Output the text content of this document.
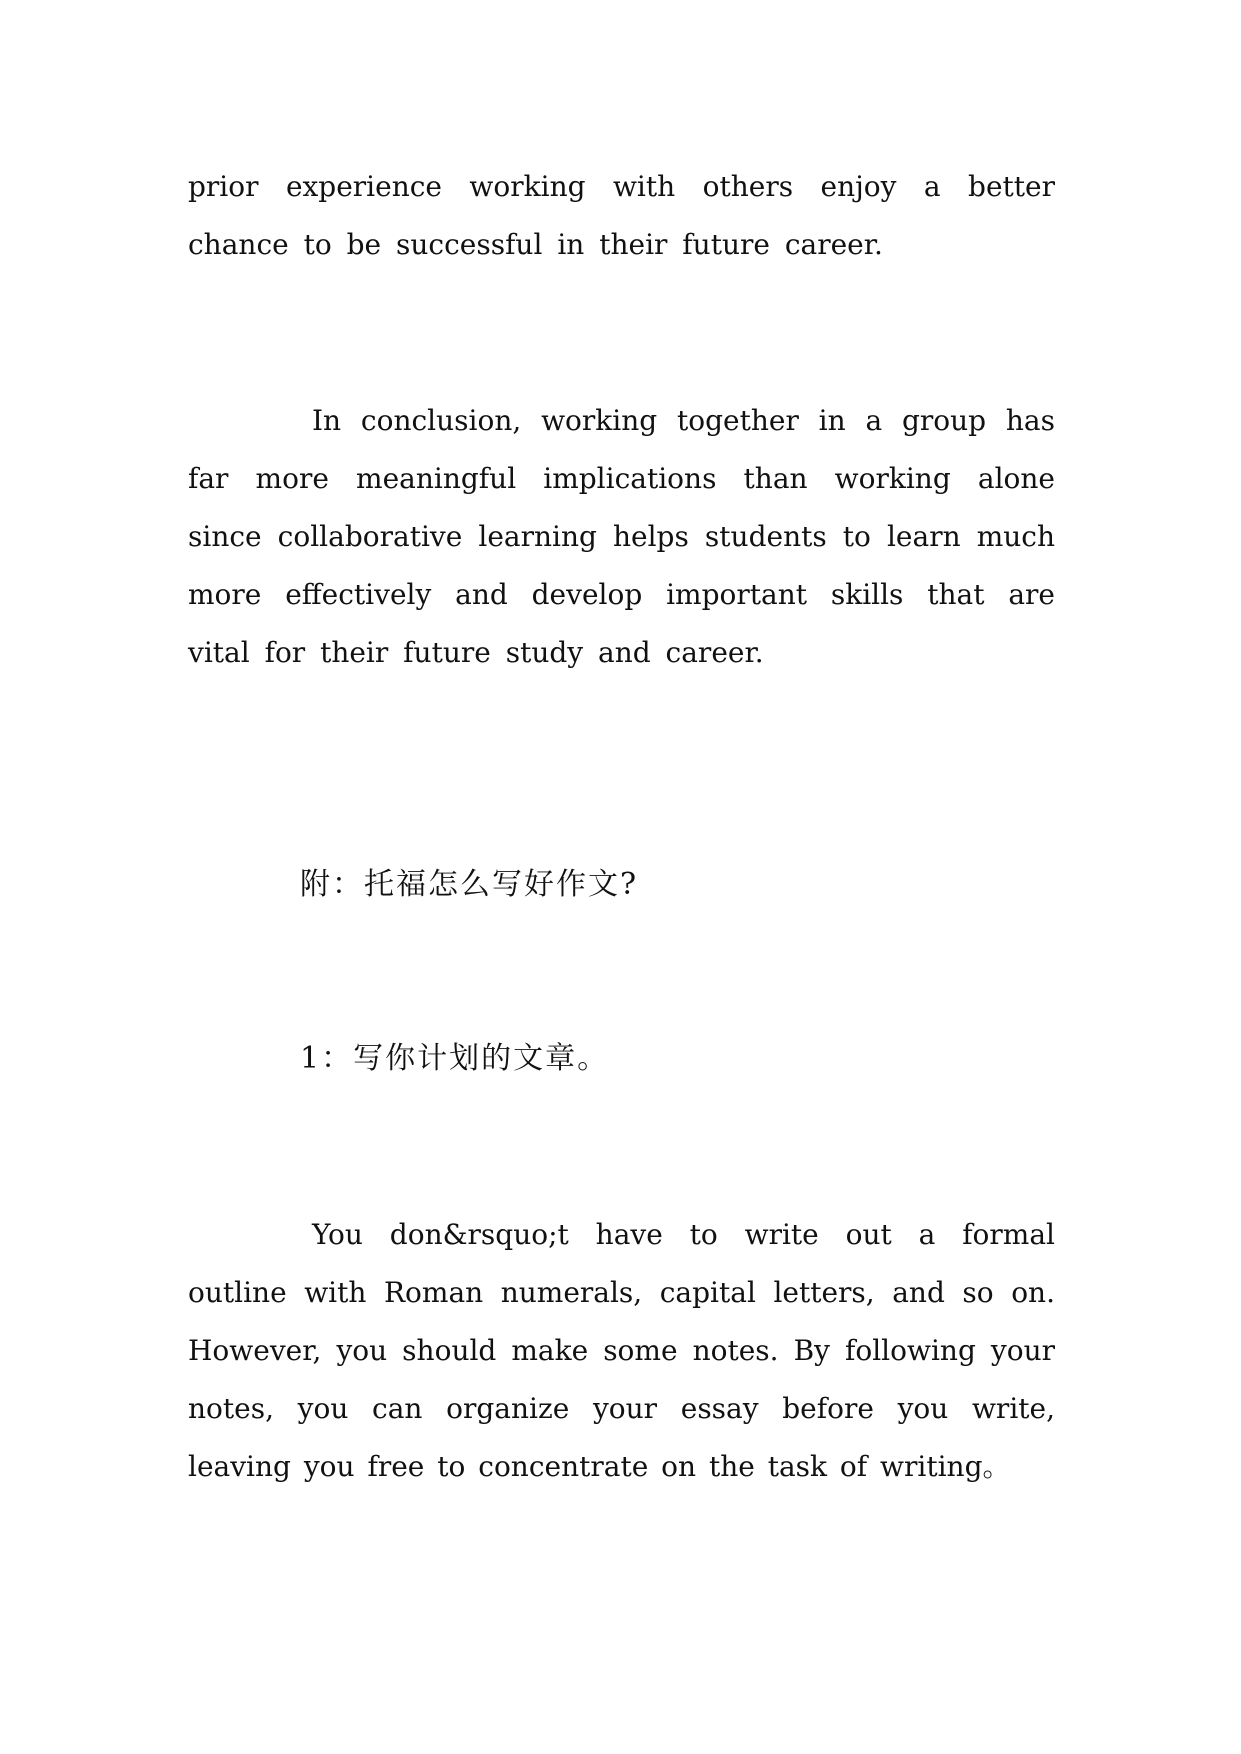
prior experience working with others enjoy a better chance to be successful in their future career.

In conclusion, working together in a group has far more meaningful implications than working alone since collaborative learning helps students to learn much more effectively and develop important skills that are vital for their future study and career.

附：托福怎么写好作文?

1：写你计划的文章。

You don&rsquo;t have to write out a formal outline with Roman numerals, capital letters, and so on. However, you should make some notes. By following your notes, you can organize your essay before you write, leaving you free to concentrate on the task of writing。
